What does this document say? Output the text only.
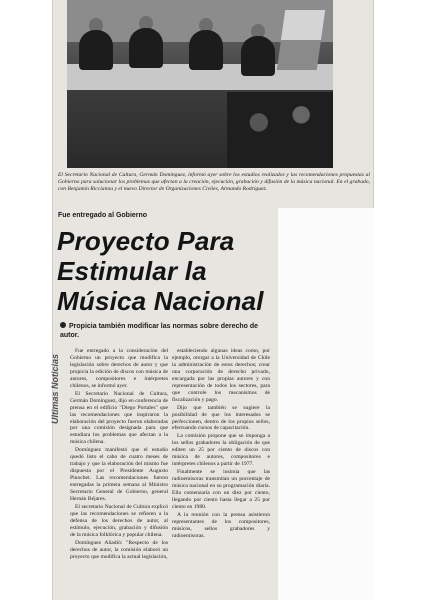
El Secretario Nacional de Cultura, Germán Domínguez, informó ayer sobre los estudios realizados y las recomendaciones propuestas al Gobierno para solucionar los problemas que afectan a la creación, ejecución, grabación y difusión de la música nacional. En el grabado, con Benjamín Riccianna y el nuevo Director de Organizaciones Civiles, Armando Rodríguez.
Fue entregado al Gobierno
Proyecto Para
Estimular la
Música Nacional
Propicia también modificar las normas sobre derecho de autor.
Ultimas Noticias

Fue entregado a la consideración del Gobierno un proyecto que modifica la legislación sobre derechos de autor y que propicia la edición de discos con música de autores, compositores e intérpretes chilenos, se informó ayer.

El Secretario Nacional de Cultura, Germán Domínguez, dijo en conferencia de prensa en el edificio "Diego Portales" que las recomendaciones que inspiraron la elaboración del proyecto fueron elaboradas por una comisión designada para que estudiara los problemas que afectan a la música chilena.

Domínguez manifestó que el estudio quedó listo el cabo de cuatro meses de trabajo y que la elaboración del mismo fue dispuesta por el Presidente Augusto Pinochet. Las recomendaciones fueron entregadas la primera semana al Ministro Secretario General de Gobierno, general Hernán Béjares.

El secretario Nacional de Cultura explicó que las recomendaciones se refieren a la defensa de los derechos de autor, al estímulo, ejecución, grabación y difusión de la música folklórica y popular chilena.

Domínguez Añadió: "Respecto de los derechos de autor, la comisión elaboró un proyecto que modifica la actual legislación,

estableciendo algunas ideas como, por ejemplo, otorgar a la Universidad de Chile la administración de estos derechos; crear una corporación de derecho privado, encargada por las propias autores y con representación de todos los sectores, para que controle los mecanismos de fiscalización y pago.

Dijo que también se sugiere la posibilidad de que los interesados se perfeccionen, dentro de los propios sellos, efectuando cursos de capacitación.

La comisión propone que se imponga a los sellos grabadores la obligación de que editen un 25 por ciento de discos con música de autores, compositores e intérpretes chilenos a partir de 1977.

Finalmente se insinúa que las radioemisoras transmitan un porcentaje de música nacional en su programación diaria. Ella comenzaría con un diez por ciento, llegando por ciento hasta llegar a 25 por ciento en 1980.

A la reunión con la prensa asistieron representantes de los compositores, músicos, sellos grabadores y radioemisoras.
